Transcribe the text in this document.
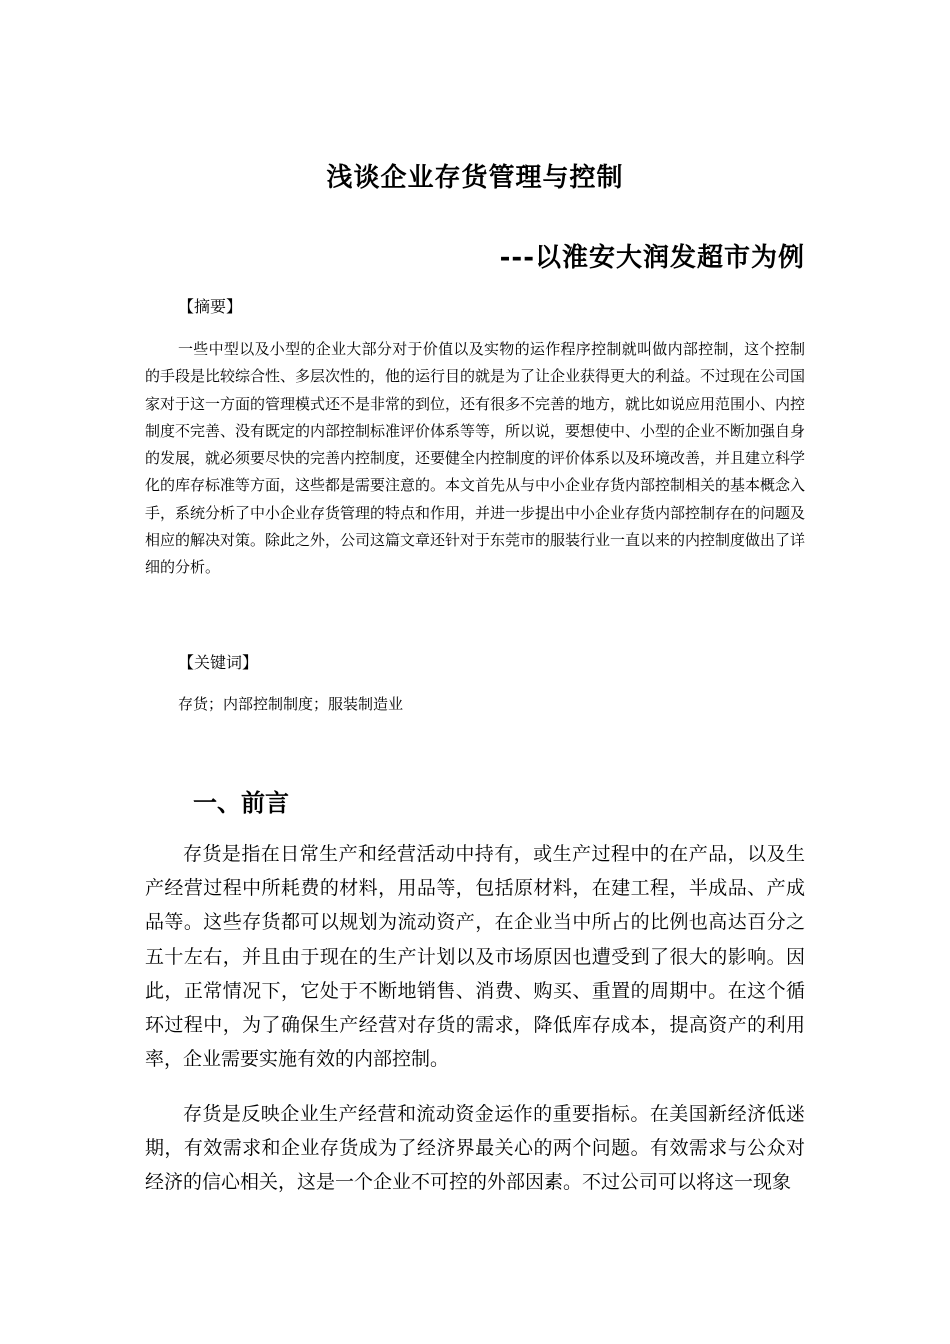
浅谈企业存货管理与控制
---以淮安大润发超市为例
【摘要】

一些中型以及小型的企业大部分对于价值以及实物的运作程序控制就叫做内部控制，这个控制的手段是比较综合性、多层次性的，他的运行目的就是为了让企业获得更大的利益。不过现在公司国家对于这一方面的管理模式还不是非常的到位，还有很多不完善的地方，就比如说应用范围小、内控制度不完善、没有既定的内部控制标准评价体系等等，所以说，要想使中、小型的企业不断加强自身的发展，就必须要尽快的完善内控制度，还要健全内控制度的评价体系以及环境改善，并且建立科学化的库存标准等方面，这些都是需要注意的。本文首先从与中小企业存货内部控制相关的基本概念入手，系统分析了中小企业存货管理的特点和作用，并进一步提出中小企业存货内部控制存在的问题及相应的解决对策。除此之外，公司这篇文章还针对于东莞市的服装行业一直以来的内控制度做出了详细的分析。

【关键词】

存货；内部控制制度；服装制造业

一、前言

存货是指在日常生产和经营活动中持有，或生产过程中的在产品，以及生产经营过程中所耗费的材料，用品等，包括原材料，在建工程，半成品、产成品等。这些存货都可以规划为流动资产，在企业当中所占的比例也高达百分之五十左右，并且由于现在的生产计划以及市场原因也遭受到了很大的影响。因此，正常情况下，它处于不断地销售、消费、购买、重置的周期中。在这个循环过程中，为了确保生产经营对存货的需求，降低库存成本，提高资产的利用率，企业需要实施有效的内部控制。

存货是反映企业生产经营和流动资金运作的重要指标。在美国新经济低迷期，有效需求和企业存货成为了经济界最关心的两个问题。有效需求与公众对经济的信心相关，这是一个企业不可控的外部因素。不过公司可以将这一现象
